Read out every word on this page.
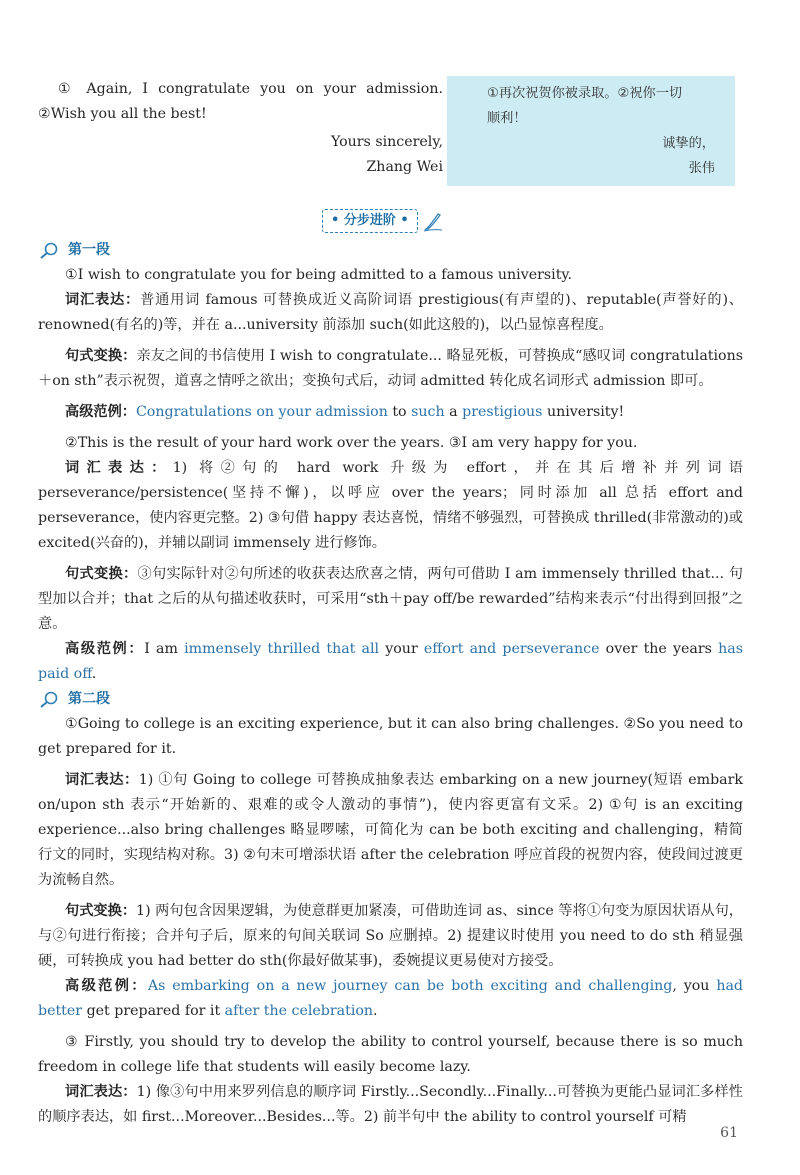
① Again, I congratulate you on your admission.

②Wish you all the best!

Yours sincerely,

Zhang Wei

①再次祝贺你被录取。②祝你一切

顺利！

诚挚的，

张伟

• 分步进阶 •
第一段

①I wish to congratulate you for being admitted to a famous university.

词汇表达：普通用词 famous 可替换成近义高阶词语 prestigious(有声望的)、reputable(声誉好的)、renowned(有名的)等，并在 a...university 前添加 such(如此这般的)，以凸显惊喜程度。

句式变换：亲友之间的书信使用 I wish to congratulate... 略显死板，可替换成“感叹词 congratulations＋on sth”表示祝贺，道喜之情呼之欲出；变换句式后，动词 admitted 转化成名词形式 admission 即可。

高级范例：Congratulations on your admission to such a prestigious university!

②This is the result of your hard work over the years. ③I am very happy for you.

词汇表达：1) 将②句的 hard work 升级为 effort，并在其后增补并列词语 perseverance/persistence(坚持不懈)，以呼应 over the years；同时添加 all 总括 effort and perseverance，使内容更完整。2) ③句借 happy 表达喜悦，情绪不够强烈，可替换成 thrilled(非常激动的)或 excited(兴奋的)，并辅以副词 immensely 进行修饰。

句式变换：③句实际针对②句所述的收获表达欣喜之情，两句可借助 I am immensely thrilled that... 句型加以合并；that 之后的从句描述收获时，可采用“sth＋pay off/be rewarded”结构来表示“付出得到回报”之意。

高级范例：I am immensely thrilled that all your effort and perseverance over the years has paid off.

第二段

①Going to college is an exciting experience, but it can also bring challenges. ②So you need to get prepared for it.

词汇表达：1) ①句 Going to college 可替换成抽象表达 embarking on a new journey(短语 embark on/upon sth 表示“开始新的、艰难的或令人激动的事情”)，使内容更富有文采。2) ①句 is an exciting experience...also bring challenges 略显啰嗦，可简化为 can be both exciting and challenging，精简行文的同时，实现结构对称。3) ②句末可增添状语 after the celebration 呼应首段的祝贺内容，使段间过渡更为流畅自然。

句式变换：1) 两句包含因果逻辑，为使意群更加紧凑，可借助连词 as、since 等将①句变为原因状语从句，与②句进行衔接；合并句子后，原来的句间关联词 So 应删掉。2) 提建议时使用 you need to do sth 稍显强硬，可转换成 you had better do sth(你最好做某事)，委婉提议更易使对方接受。

高级范例：As embarking on a new journey can be both exciting and challenging, you had better get prepared for it after the celebration.

③ Firstly, you should try to develop the ability to control yourself, because there is so much freedom in college life that students will easily become lazy.

词汇表达：1) 像③句中用来罗列信息的顺序词 Firstly...Secondly...Finally...可替换为更能凸显词汇多样性的顺序表达，如 first...Moreover...Besides...等。2) 前半句中 the ability to control yourself 可精

61
